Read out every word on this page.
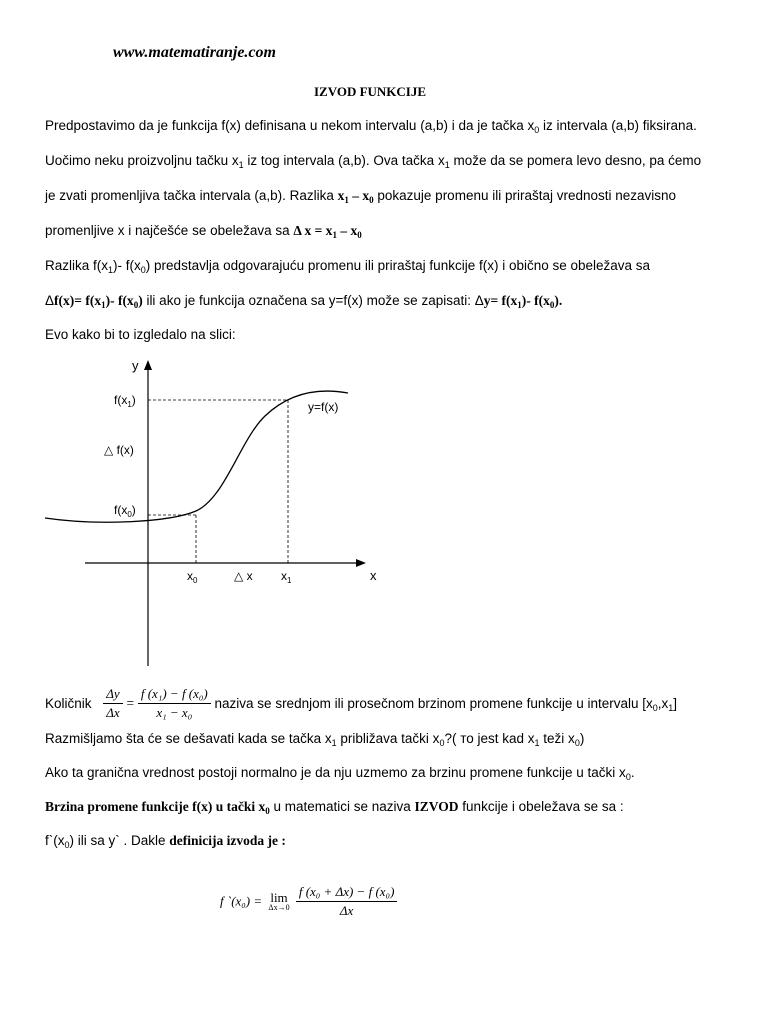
www.matematiranje.com
IZVOD FUNKCIJE
Predpostavimo da je funkcija f(x) definisana u nekom intervalu (a,b) i da je tačka $x_0$ iz intervala (a,b) fiksirana.
Uočimo neku proizvoljnu tačku $x_1$ iz tog intervala (a,b). Ova tačka $x_1$ može da se pomera levo desno, pa ćemo
je zvati promenljiva tačka intervala (a,b). Razlika $x_1 - x_0$ pokazuje promenu ili priraštaj vrednosti nezavisno
promenljive x i najčešće se obeležava sa Δ $x = x_1 - x_0$
Razlika $f(x_1)-$ $f(x_0)$ predstavlja odgovarajuću promenu ili priraštaj funkcije f(x) i obično se obeležava sa
$\Delta f(x)= f(x_1)-$ $f(x_0)$ ili ako je funkcija označena sa y=f(x) može se zapisati: $\Delta y= f(x_1)-$ $f(x_0)$.
Evo kako bi to izgledalo na slici:
y
x
$f(x_1)$
△ f(x)
$f(x_0)$
y=f(x)
$x_0$	△ x $x_1$
Količnik $\frac{\Delta y}{\Delta x} = \frac{\text{f (x₁) − f (x₀)}}{\text{x₁ − x₀}}$ naziva se srednjom ili prosečnom brzinom promene funkcije u intervalu $[x_0,x_1]$
Razmišljamo šta će se dešavati kada se tačka $x_1$ približava tački $x_0$?( то jest kad $x_1$ teži $x_0$)
Ako ta granična vrednost postoji normalno je da nju uzmemo za brzinu promene funkcije u tački $x_0$.
Brzina promene funkcije f(x) u tački $x_0$ u matematici se naziva IZVOD funkcije i obeležava se sa :
$f`(x_0)$ ili sa y` . Dakle definicija izvoda je :
f `(x₀) = lim
Δx→0
$\frac{\text{f (x₀ + Δx) − f (x₀)}}{\Delta x}$
